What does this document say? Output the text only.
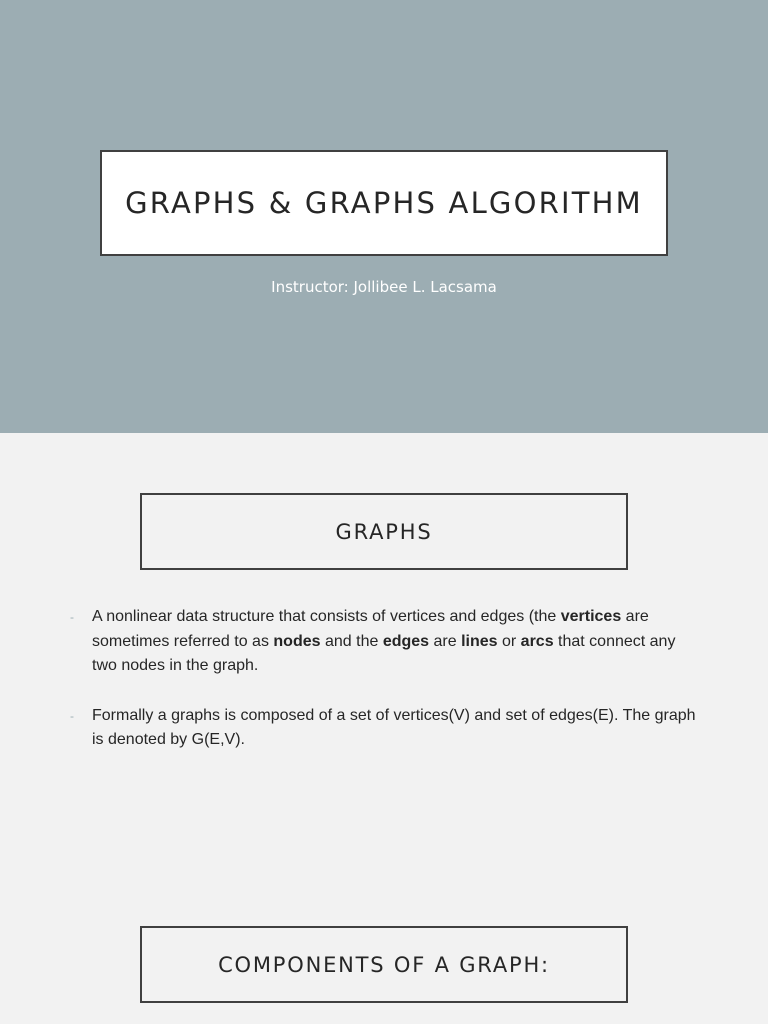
GRAPHS & GRAPHS ALGORITHM
Instructor: Jollibee L. Lacsama
GRAPHS
- A nonlinear data structure that consists of vertices and edges (the vertices are sometimes referred to as nodes and the edges are lines or arcs that connect any two nodes in the graph.
- Formally a graphs is composed of a set of vertices(V) and set of edges(E). The graph is denoted by G(E,V).
COMPONENTS OF A GRAPH:
